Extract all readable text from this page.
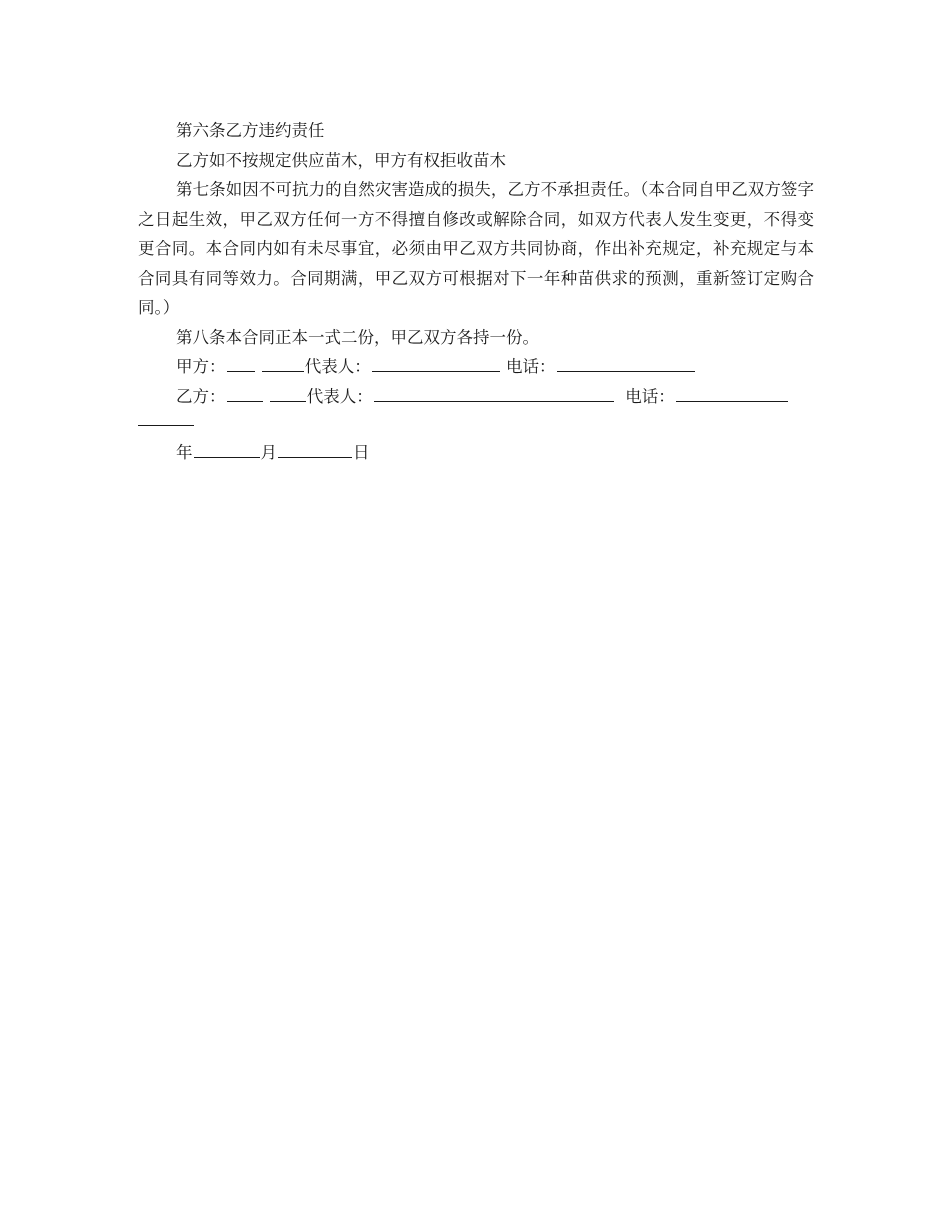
第六条乙方违约责任

乙方如不按规定供应苗木，甲方有权拒收苗木

第七条如因不可抗力的自然灾害造成的损失，乙方不承担责任。（本合同自甲乙双方签字之日起生效，甲乙双方任何一方不得擅自修改或解除合同，如双方代表人发生变更，不得变更合同。本合同内如有未尽事宜，必须由甲乙双方共同协商，作出补充规定，补充规定与本合同具有同等效力。合同期满，甲乙双方可根据对下一年种苗供求的预测，重新签订定购合同。）

第八条本合同正本一式二份，甲乙双方各持一份。

甲方：	代表人：	电话：
乙方：	代表人：	电话：
年	月	日
